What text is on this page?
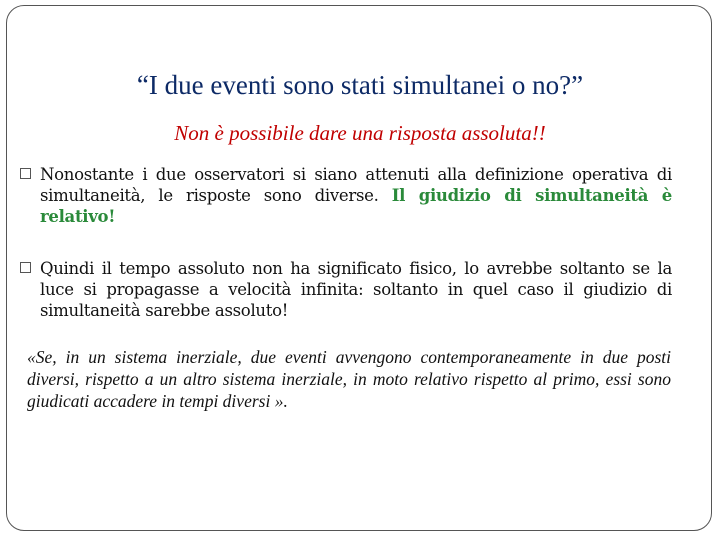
“I due eventi sono stati simultanei o no?”
Non è possibile dare una risposta assoluta!!
Nonostante i due osservatori si siano attenuti alla definizione operativa di simultaneità, le risposte sono diverse. Il giudizio di simultaneità è relativo!
Quindi il tempo assoluto non ha significato fisico, lo avrebbe soltanto se la luce si propagasse a velocità infinita: soltanto in quel caso il giudizio di simultaneità sarebbe assoluto!
«Se, in un sistema inerziale, due eventi avvengono contemporaneamente in due posti diversi, rispetto a un altro sistema inerziale, in moto relativo rispetto al primo, essi sono giudicati accadere in tempi diversi ».
